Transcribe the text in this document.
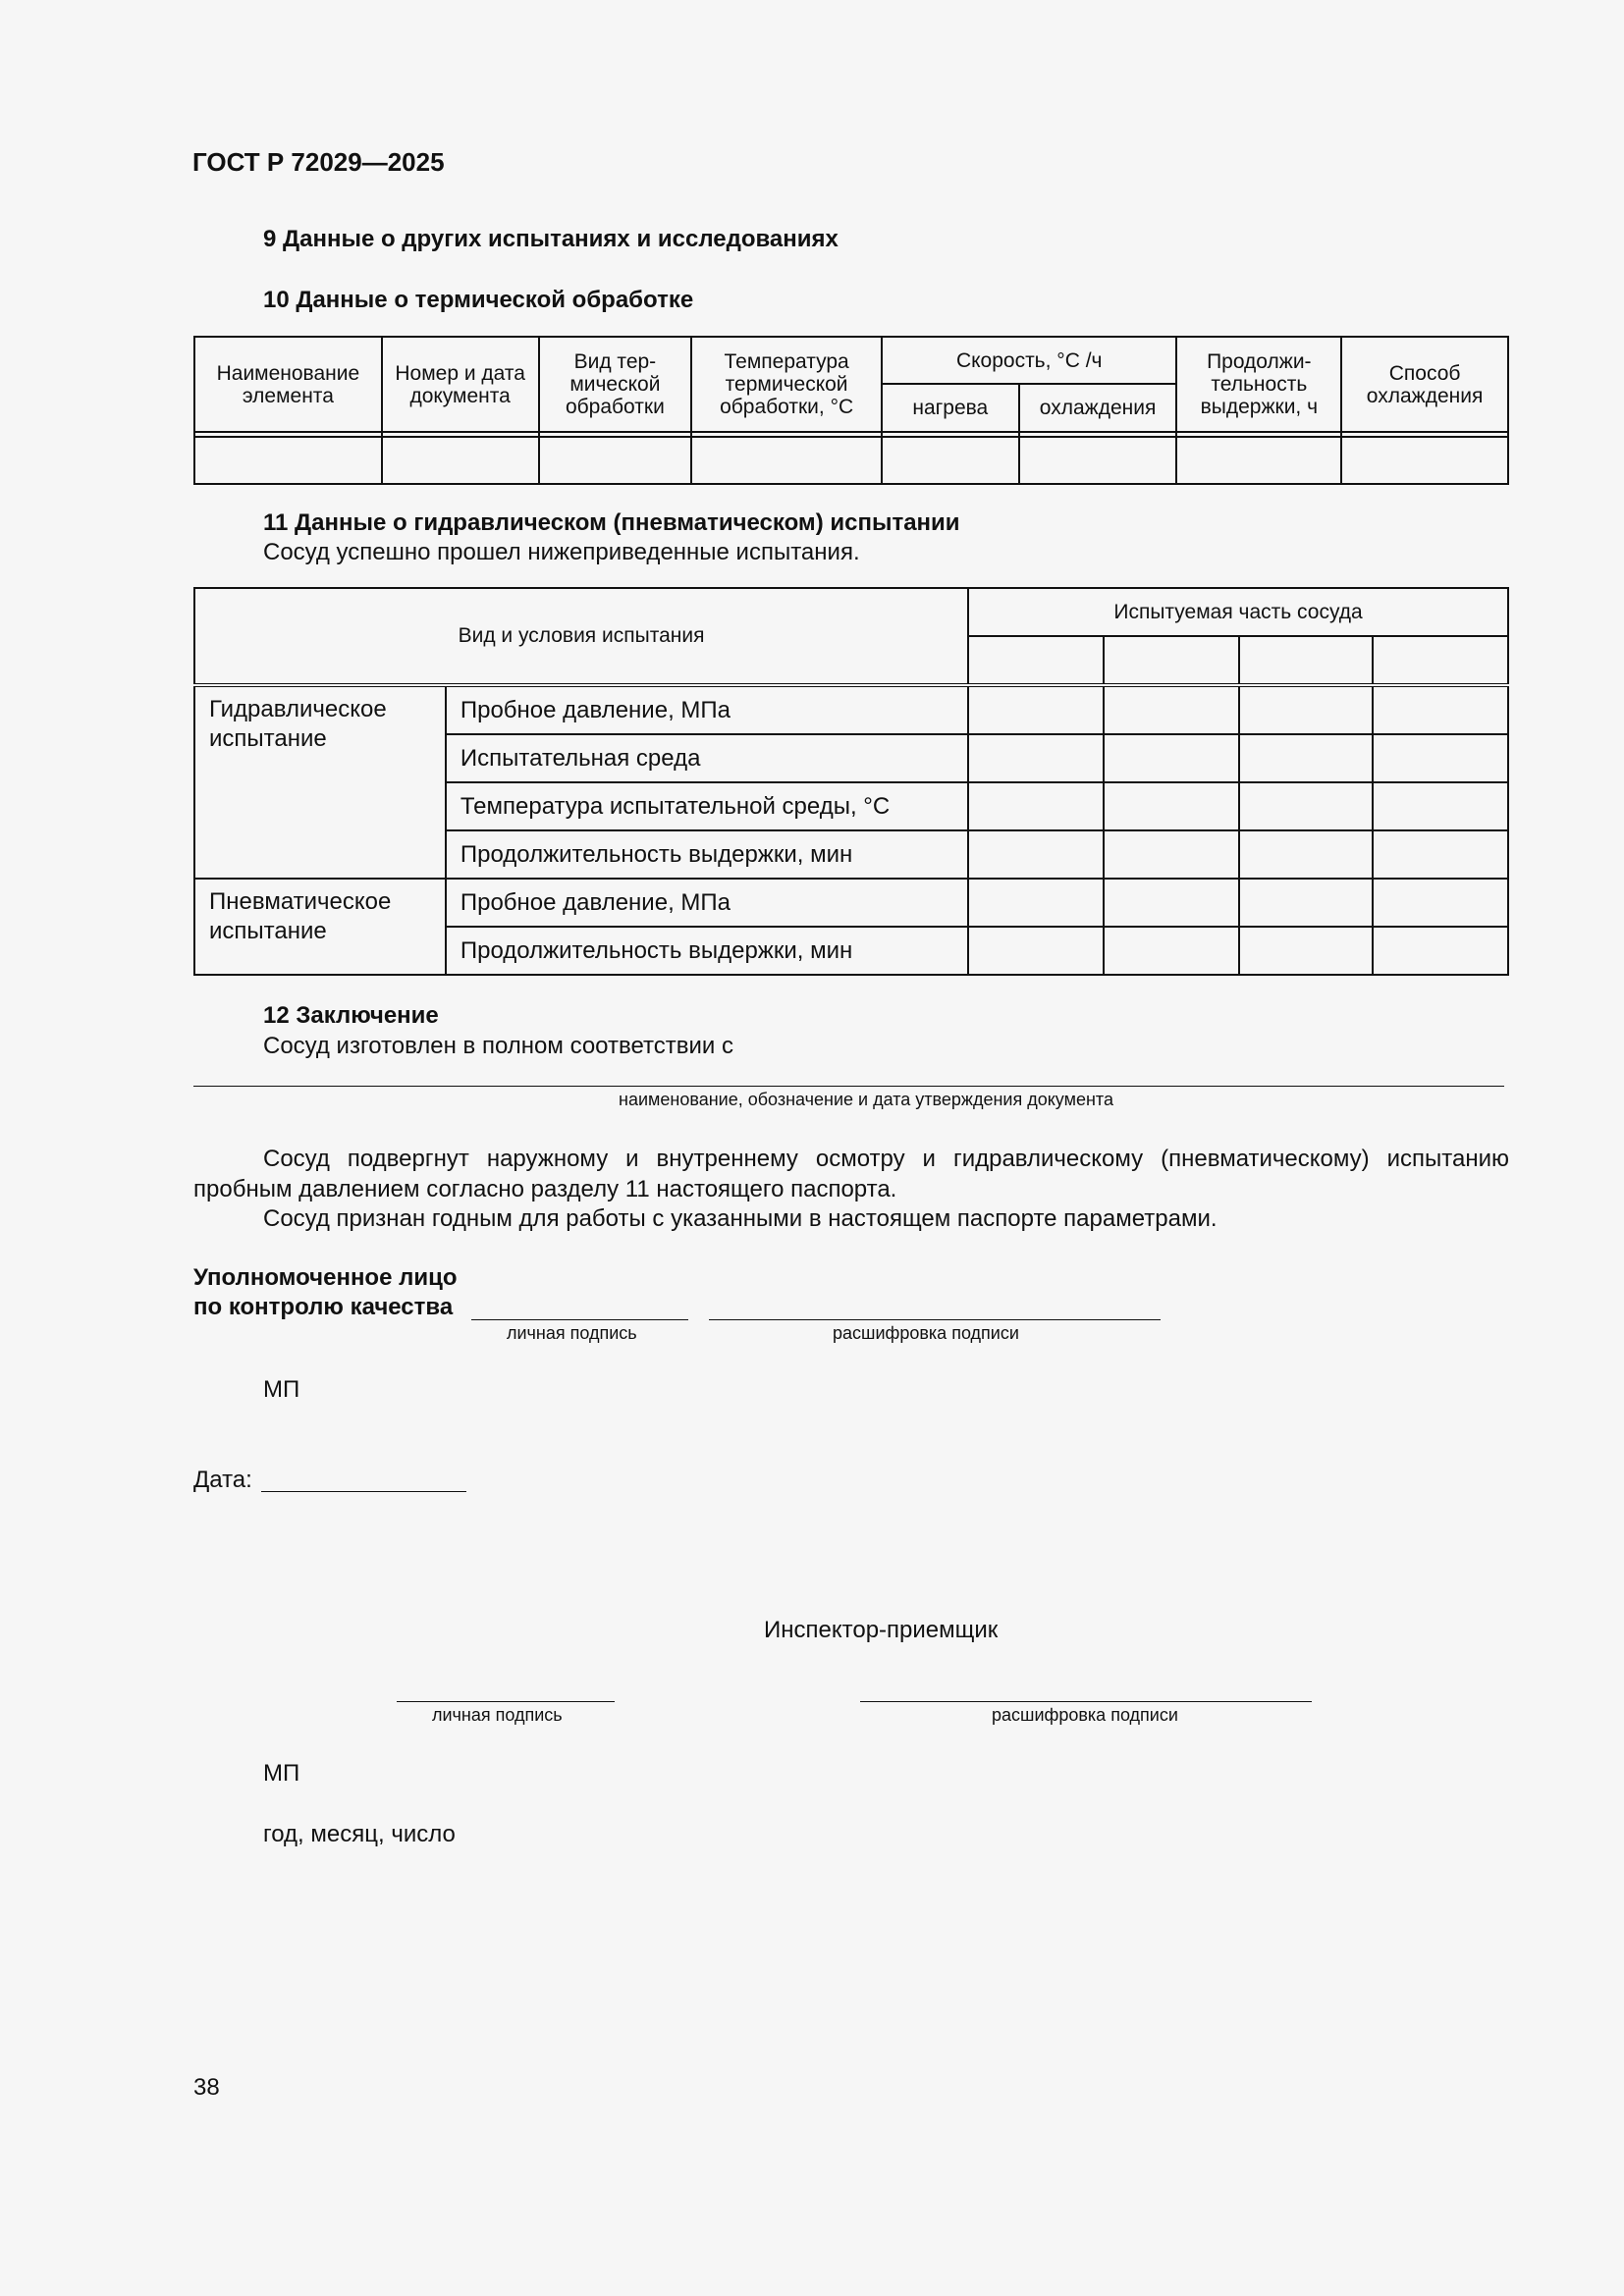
ГОСТ Р 72029—2025
9 Данные о других испытаниях и исследованиях
10 Данные о термической обработке
Наименование элемента	Номер и дата документа	Вид тер-мической обработки	Температура термической обработки, °С	Скорость, °С /ч		Продолжи-тельность выдержки, ч	Способ охлаждения
				нагрева	охлаждения		

11 Данные о гидравлическом (пневматическом) испытании
Сосуд успешно прошел нижеприведенные испытания.
Вид и условия испытания		Испытуемая часть сосуда			

Гидравлическое испытание	Пробное давление, МПа				
	Испытательная среда				
	Температура испытательной среды, °С				
	Продолжительность выдержки, мин				
Пневматическое испытание	Пробное давление, МПа				
	Продолжительность выдержки, мин				
12 Заключение
Сосуд изготовлен в полном соответствии с
наименование, обозначение и дата утверждения документа
Сосуд подвергнут наружному и внутреннему осмотру и гидравлическому (пневматическому) испытанию пробным давлением согласно разделу 11 настоящего паспорта.
Сосуд признан годным для работы с указанными в настоящем паспорте параметрами.
Уполномоченное лицо
по контролю качества
личная подпись	расшифровка подписи
МП
Дата:
Инспектор-приемщик
личная подпись	расшифровка подписи
МП
год, месяц, число
38
